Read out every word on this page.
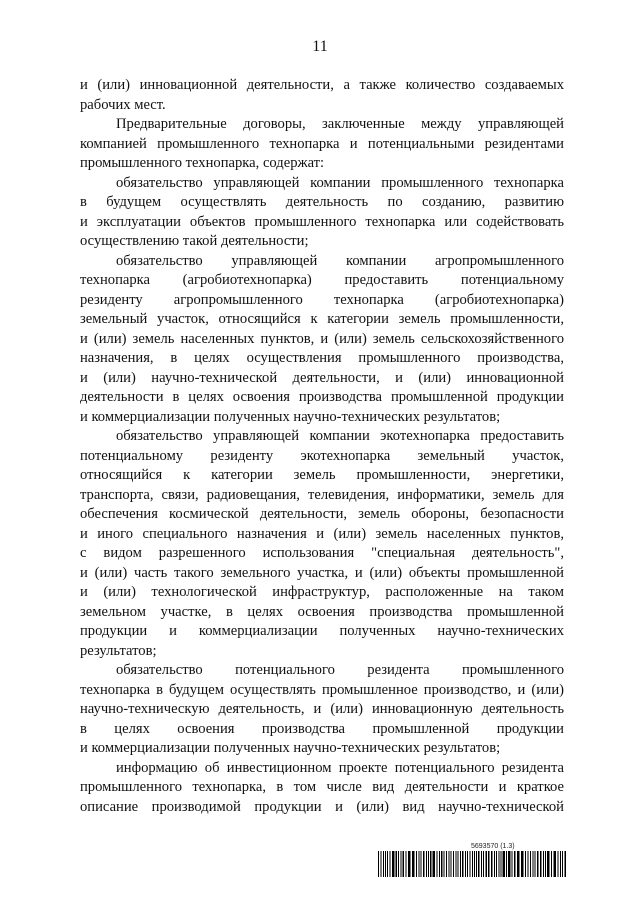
11
и (или) инновационной деятельности, а также количество создаваемых
рабочих мест.
Предварительные договоры, заключенные между управляющей
компанией промышленного технопарка и потенциальными резидентами
промышленного технопарка, содержат:
обязательство управляющей компании промышленного технопарка
в будущем осуществлять деятельность по созданию, развитию
и эксплуатации объектов промышленного технопарка или содействовать
осуществлению такой деятельности;
обязательство управляющей компании агропромышленного
технопарка (агробиотехнопарка) предоставить потенциальному
резиденту агропромышленного технопарка (агробиотехнопарка)
земельный участок, относящийся к категории земель промышленности,
и (или) земель населенных пунктов, и (или) земель сельскохозяйственного
назначения, в целях осуществления промышленного производства,
и (или) научно-технической деятельности, и (или) инновационной
деятельности в целях освоения производства промышленной продукции
и коммерциализации полученных научно-технических результатов;
обязательство управляющей компании экотехнопарка предоставить
потенциальному резиденту экотехнопарка земельный участок,
относящийся к категории земель промышленности, энергетики,
транспорта, связи, радиовещания, телевидения, информатики, земель для
обеспечения космической деятельности, земель обороны, безопасности
и иного специального назначения и (или) земель населенных пунктов,
с видом разрешенного использования "специальная деятельность",
и (или) часть такого земельного участка, и (или) объекты промышленной
и (или) технологической инфраструктур, расположенные на таком
земельном участке, в целях освоения производства промышленной
продукции и коммерциализации полученных научно-технических
результатов;
обязательство потенциального резидента промышленного
технопарка в будущем осуществлять промышленное производство, и (или)
научно-техническую деятельность, и (или) инновационную деятельность
в целях освоения производства промышленной продукции
и коммерциализации полученных научно-технических результатов;
информацию об инвестиционном проекте потенциального резидента
промышленного технопарка, в том числе вид деятельности и краткое
описание производимой продукции и (или) вид научно-технической
5693570 (1.3)
